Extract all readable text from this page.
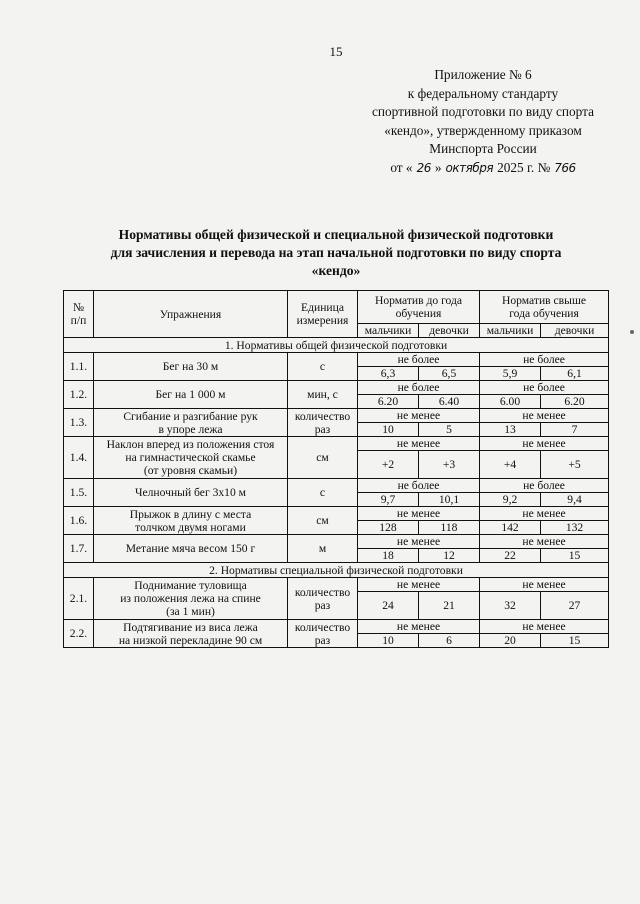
15
Приложение № 6
к федеральному стандарту
спортивной подготовки по виду спорта
«кендо», утвержденному приказом
Минспорта России
от « 26 » октября 2025 г. № 766
Нормативы общей физической и специальной физической подготовки
для зачисления и перевода на этап начальной подготовки по виду спорта
«кендо»
№
п/п	Упражнения	Единица
измерения	Норматив до года
обучения		Норматив свыше
года обучения	
			мальчики	девочки	мальчики	девочки
1. Нормативы общей физической подготовки						
1.1.	Бег на 30 м	с	не более		не более	
			6,3	6,5	5,9	6,1
1.2.	Бег на 1 000 м	мин, с	не более		не более	
			6.20	6.40	6.00	6.20
1.3.	Сгибание и разгибание рук
в упоре лежа	количество
раз	не менее		не менее	
			10	5	13	7
1.4.	Наклон вперед из положения стоя
на гимнастической скамье
(от уровня скамьи)	см	не менее		не менее	
			+2	+3	+4	+5
1.5.	Челночный бег 3x10 м	с	не более		не более	
			9,7	10,1	9,2	9,4
1.6.	Прыжок в длину с места
толчком двумя ногами	см	не менее		не менее	
			128	118	142	132
1.7.	Метание мяча весом 150 г	м	не менее		не менее	
			18	12	22	15
2. Нормативы специальной физической подготовки						
2.1.	Поднимание туловища
из положения лежа на спине
(за 1 мин)	количество
раз	не менее		не менее	
			24	21	32	27
2.2.	Подтягивание из виса лежа
на низкой перекладине 90 см	количество
раз	не менее		не менее	
			10	6	20	15
